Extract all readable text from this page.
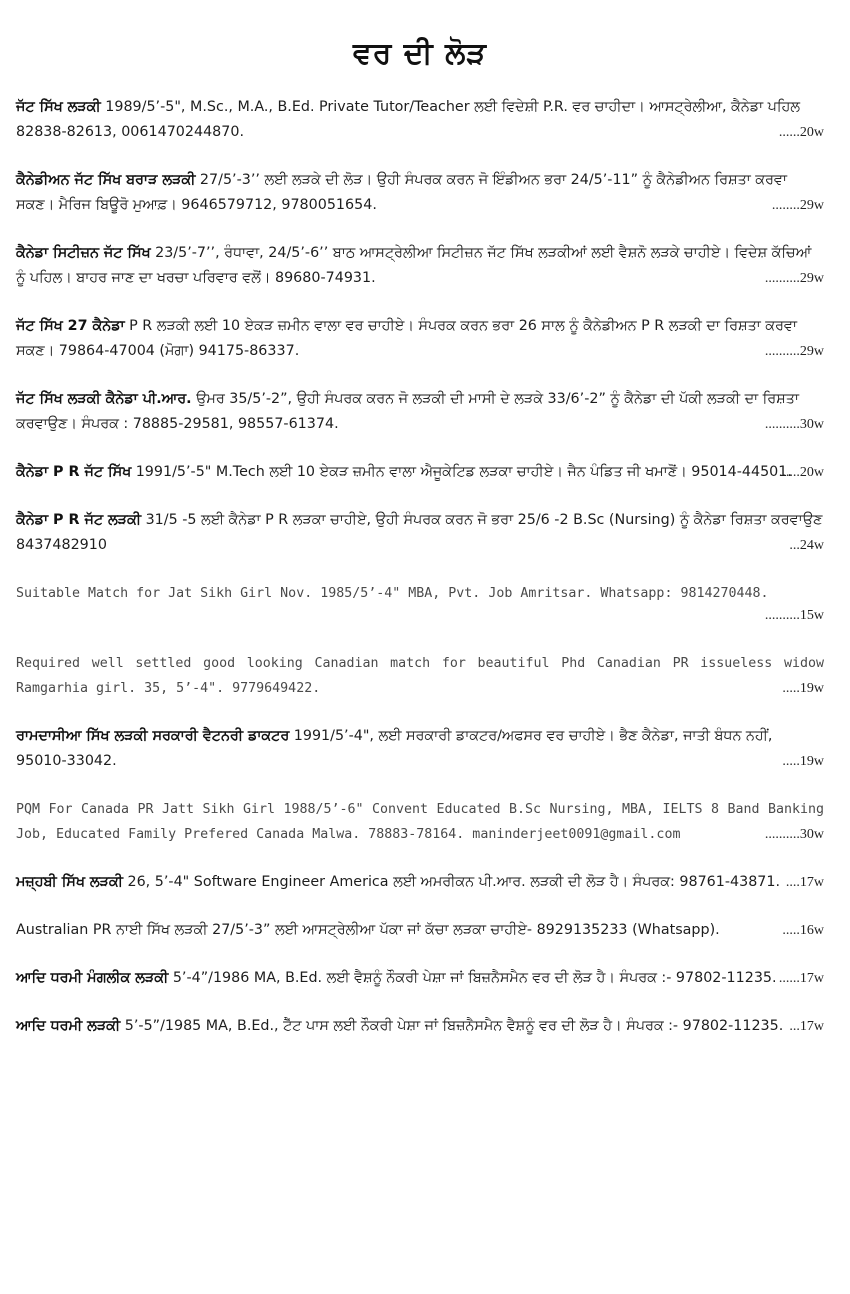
ਵਰ ਦੀ ਲੋੜ
ਜੱਟ ਸਿੱਖ ਲੜਕੀ 1989/5’-5", M.Sc., M.A., B.Ed. Private Tutor/Teacher ਲਈ ਵਿਦੇਸ਼ੀ P.R. ਵਰ ਚਾਹੀਦਾ। ਆਸਟ੍ਰੇਲੀਆ, ਕੈਨੇਡਾ ਪਹਿਲ 82838-82613, 0061470244870.	......20w
ਕੈਨੇਡੀਅਨ ਜੱਟ ਸਿੱਖ ਬਰਾੜ ਲੜਕੀ 27/5’-3’’ ਲਈ ਲੜਕੇ ਦੀ ਲੋੜ। ਉਹੀ ਸੰਪਰਕ ਕਰਨ ਜੋ ਇੰਡੀਅਨ ਭਰਾ 24/5’-11” ਨੂੰ ਕੈਨੇਡੀਅਨ ਰਿਸ਼ਤਾ ਕਰਵਾ ਸਕਣ। ਮੈਰਿਜ ਬਿਊਰੋ ਮੁਆਫ਼। 9646579712, 9780051654.	........29w
ਕੈਨੇਡਾ ਸਿਟੀਜ਼ਨ ਜੱਟ ਸਿੱਖ 23/5’-7’’, ਰੰਧਾਵਾ, 24/5’-6’’ ਬਾਠ ਆਸਟ੍ਰੇਲੀਆ ਸਿਟੀਜ਼ਨ ਜੱਟ ਸਿੱਖ ਲੜਕੀਆਂ ਲਈ ਵੈਸ਼ਨੋ ਲੜਕੇ ਚਾਹੀਏ। ਵਿਦੇਸ਼ ਕੱਚਿਆਂ ਨੂੰ ਪਹਿਲ। ਬਾਹਰ ਜਾਣ ਦਾ ਖਰਚਾ ਪਰਿਵਾਰ ਵਲੋਂ। 89680-74931.	..........29w
ਜੱਟ ਸਿੱਖ 27 ਕੈਨੇਡਾ P R ਲੜਕੀ ਲਈ 10 ਏਕੜ ਜ਼ਮੀਨ ਵਾਲਾ ਵਰ ਚਾਹੀਏ। ਸੰਪਰਕ ਕਰਨ ਭਰਾ 26 ਸਾਲ ਨੂੰ ਕੈਨੇਡੀਅਨ P R ਲੜਕੀ ਦਾ ਰਿਸ਼ਤਾ ਕਰਵਾ ਸਕਣ। 79864-47004 (ਮੋਗਾ) 94175-86337.	..........29w
ਜੱਟ ਸਿੱਖ ਲੜਕੀ ਕੈਨੇਡਾ ਪੀ.ਆਰ. ਉਮਰ 35/5’-2”, ਉਹੀ ਸੰਪਰਕ ਕਰਨ ਜੋ ਲੜਕੀ ਦੀ ਮਾਸੀ ਦੇ ਲੜਕੇ 33/6’-2” ਨੂੰ ਕੈਨੇਡਾ ਦੀ ਪੱਕੀ ਲੜਕੀ ਦਾ ਰਿਸ਼ਤਾ ਕਰਵਾਉਣ। ਸੰਪਰਕ : 78885-29581, 98557-61374.	..........30w
ਕੈਨੇਡਾ P R ਜੱਟ ਸਿੱਖ 1991/5’-5" M.Tech ਲਈ 10 ਏਕੜ ਜ਼ਮੀਨ ਵਾਲਾ ਐਜੂਕੇਟਿਡ ਲੜਕਾ ਚਾਹੀਏ। ਜੈਨ ਪੰਡਿਤ ਜੀ ਖਮਾਣੋਂ। 95014-44501.
......20w
ਕੈਨੇਡਾ P R ਜੱਟ ਲੜਕੀ 31/5 -5 ਲਈ ਕੈਨੇਡਾ P R ਲੜਕਾ ਚਾਹੀਏ, ਉਹੀ ਸੰਪਰਕ ਕਰਨ ਜੋ ਭਰਾ 25/6 -2 B.Sc (Nursing) ਨੂੰ ਕੈਨੇਡਾ ਰਿਸ਼ਤਾ ਕਰਵਾਉਣ 8437482910	...24w
Suitable Match for Jat Sikh Girl Nov. 1985/5’-4" MBA, Pvt. Job Amritsar. Whatsapp: 9814270448.
..........15w
Required well settled good looking Canadian match for beautiful Phd Canadian PR issueless widow Ramgarhia girl. 35, 5’-4". 9779649422.	.....19w
ਰਾਮਦਾਸੀਆ ਸਿੱਖ ਲੜਕੀ ਸਰਕਾਰੀ ਵੈਟਨਰੀ ਡਾਕਟਰ 1991/5’-4", ਲਈ ਸਰਕਾਰੀ ਡਾਕਟਰ/ਅਫਸਰ ਵਰ ਚਾਹੀਏ। ਭੈਣ ਕੈਨੇਡਾ, ਜਾਤੀ ਬੰਧਨ ਨਹੀਂ, 95010-33042.	.....19w
PQM For Canada PR Jatt Sikh Girl 1988/5’-6" Convent Educated B.Sc Nursing, MBA, IELTS 8 Band Banking Job, Educated Family Prefered Canada Malwa. 78883-78164. maninderjeet0091@gmail.com	..........30w
ਮਜ਼੍ਹਬੀ ਸਿੱਖ ਲੜਕੀ 26, 5’-4" Software Engineer America ਲਈ ਅਮਰੀਕਨ ਪੀ.ਆਰ. ਲੜਕੀ ਦੀ ਲੋੜ ਹੈ। ਸੰਪਰਕ: 98761-43871. ....17w
Australian PR ਨਾਈ ਸਿੱਖ ਲੜਕੀ 27/5’-3” ਲਈ ਆਸਟ੍ਰੇਲੀਆ ਪੱਕਾ ਜਾਂ ਕੱਚਾ ਲੜਕਾ ਚਾਹੀਏ- 8929135233 (Whatsapp).	.....16w
ਆਦਿ ਧਰਮੀ ਮੰਗਲੀਕ ਲੜਕੀ 5’-4”/1986 MA, B.Ed. ਲਈ ਵੈਸ਼ਨੂੰ ਨੌਕਰੀ ਪੇਸ਼ਾ ਜਾਂ ਬਿਜ਼ਨੈਸਮੈਨ ਵਰ ਦੀ ਲੋੜ ਹੈ। ਸੰਪਰਕ :- 97802-11235. ......17w
ਆਦਿ ਧਰਮੀ ਲੜਕੀ 5’-5”/1985 MA, B.Ed., ਟੈੱਟ ਪਾਸ ਲਈ ਨੌਕਰੀ ਪੇਸ਼ਾ ਜਾਂ ਬਿਜ਼ਨੈਸਮੈਨ ਵੈਸ਼ਨੂੰ ਵਰ ਦੀ ਲੋੜ ਹੈ। ਸੰਪਰਕ :- 97802-11235. ...17w
